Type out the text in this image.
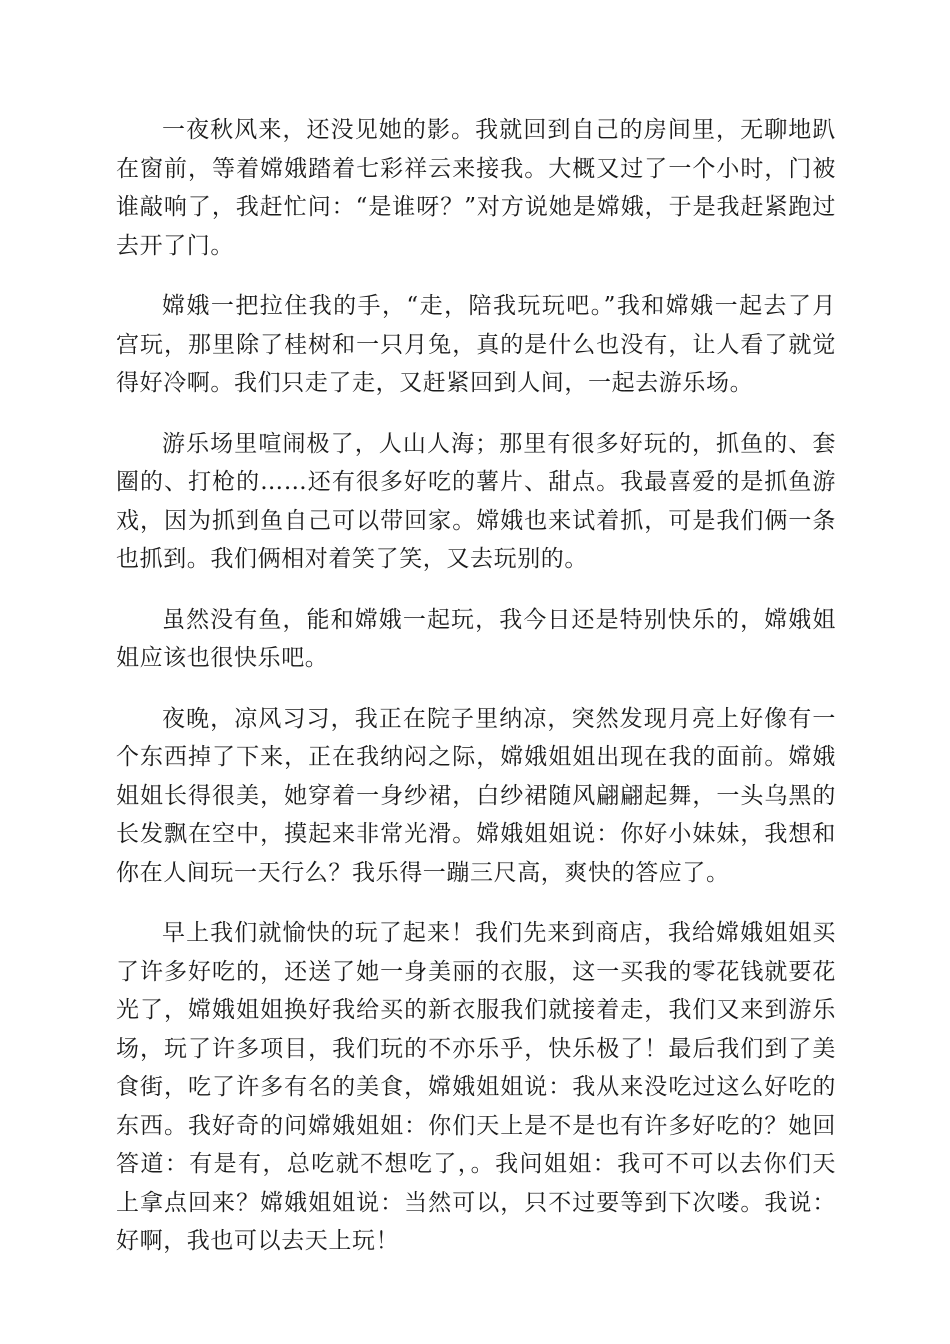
一夜秋风来，还没见她的影。我就回到自己的房间里，无聊地趴在窗前，等着嫦娥踏着七彩祥云来接我。大概又过了一个小时，门被谁敲响了，我赶忙问：“是谁呀？”对方说她是嫦娥，于是我赶紧跑过去开了门。

嫦娥一把拉住我的手，“走，陪我玩玩吧。”我和嫦娥一起去了月宫玩，那里除了桂树和一只月兔，真的是什么也没有，让人看了就觉得好冷啊。我们只走了走，又赶紧回到人间，一起去游乐场。

游乐场里喧闹极了，人山人海；那里有很多好玩的，抓鱼的、套圈的、打枪的……还有很多好吃的薯片、甜点。我最喜爱的是抓鱼游戏，因为抓到鱼自己可以带回家。嫦娥也来试着抓，可是我们俩一条也抓到。我们俩相对着笑了笑，又去玩别的。

虽然没有鱼，能和嫦娥一起玩，我今日还是特别快乐的，嫦娥姐姐应该也很快乐吧。

夜晚，凉风习习，我正在院子里纳凉，突然发现月亮上好像有一个东西掉了下来，正在我纳闷之际，嫦娥姐姐出现在我的面前。嫦娥姐姐长得很美，她穿着一身纱裙，白纱裙随风翩翩起舞，一头乌黑的长发飘在空中，摸起来非常光滑。嫦娥姐姐说：你好小妹妹，我想和你在人间玩一天行么？我乐得一蹦三尺高，爽快的答应了。

早上我们就愉快的玩了起来！我们先来到商店，我给嫦娥姐姐买了许多好吃的，还送了她一身美丽的衣服，这一买我的零花钱就要花光了，嫦娥姐姐换好我给买的新衣服我们就接着走，我们又来到游乐场，玩了许多项目，我们玩的不亦乐乎，快乐极了！最后我们到了美食街，吃了许多有名的美食，嫦娥姐姐说：我从来没吃过这么好吃的东西。我好奇的问嫦娥姐姐：你们天上是不是也有许多好吃的？她回答道：有是有，总吃就不想吃了，。我问姐姐：我可不可以去你们天上拿点回来？嫦娥姐姐说：当然可以，只不过要等到下次喽。我说：好啊，我也可以去天上玩！
